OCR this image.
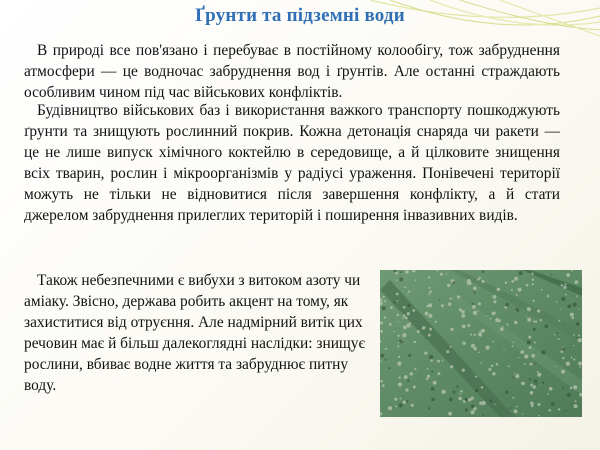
Ґрунти та підземні води

В природі все пов'язано і перебуває в постійному колообігу, тож забруднення атмосфери — це водночас забруднення вод і ґрунтів. Але останні страждають особливим чином під час військових конфліктів.

Будівництво військових баз і використання важкого транспорту пошкоджують ґрунти та знищують рослинний покрив. Кожна детонація снаряда чи ракети — це не лише випуск хімічного коктейлю в середовище, а й цілковите знищення всіх тварин, рослин і мікроорганізмів у радіусі ураження. Понівечені території можуть не тільки не відновитися після завершення конфлікту, а й стати джерелом забруднення прилеглих територій і поширення інвазивних видів.

Також небезпечними є вибухи з витоком азоту чи аміаку. Звісно, держава робить акцент на тому, як захиститися від отруєння. Але надмірний витік цих речовин має й більш далекоглядні наслідки: знищує рослини, вбиває водне життя та забруднює питну воду.
